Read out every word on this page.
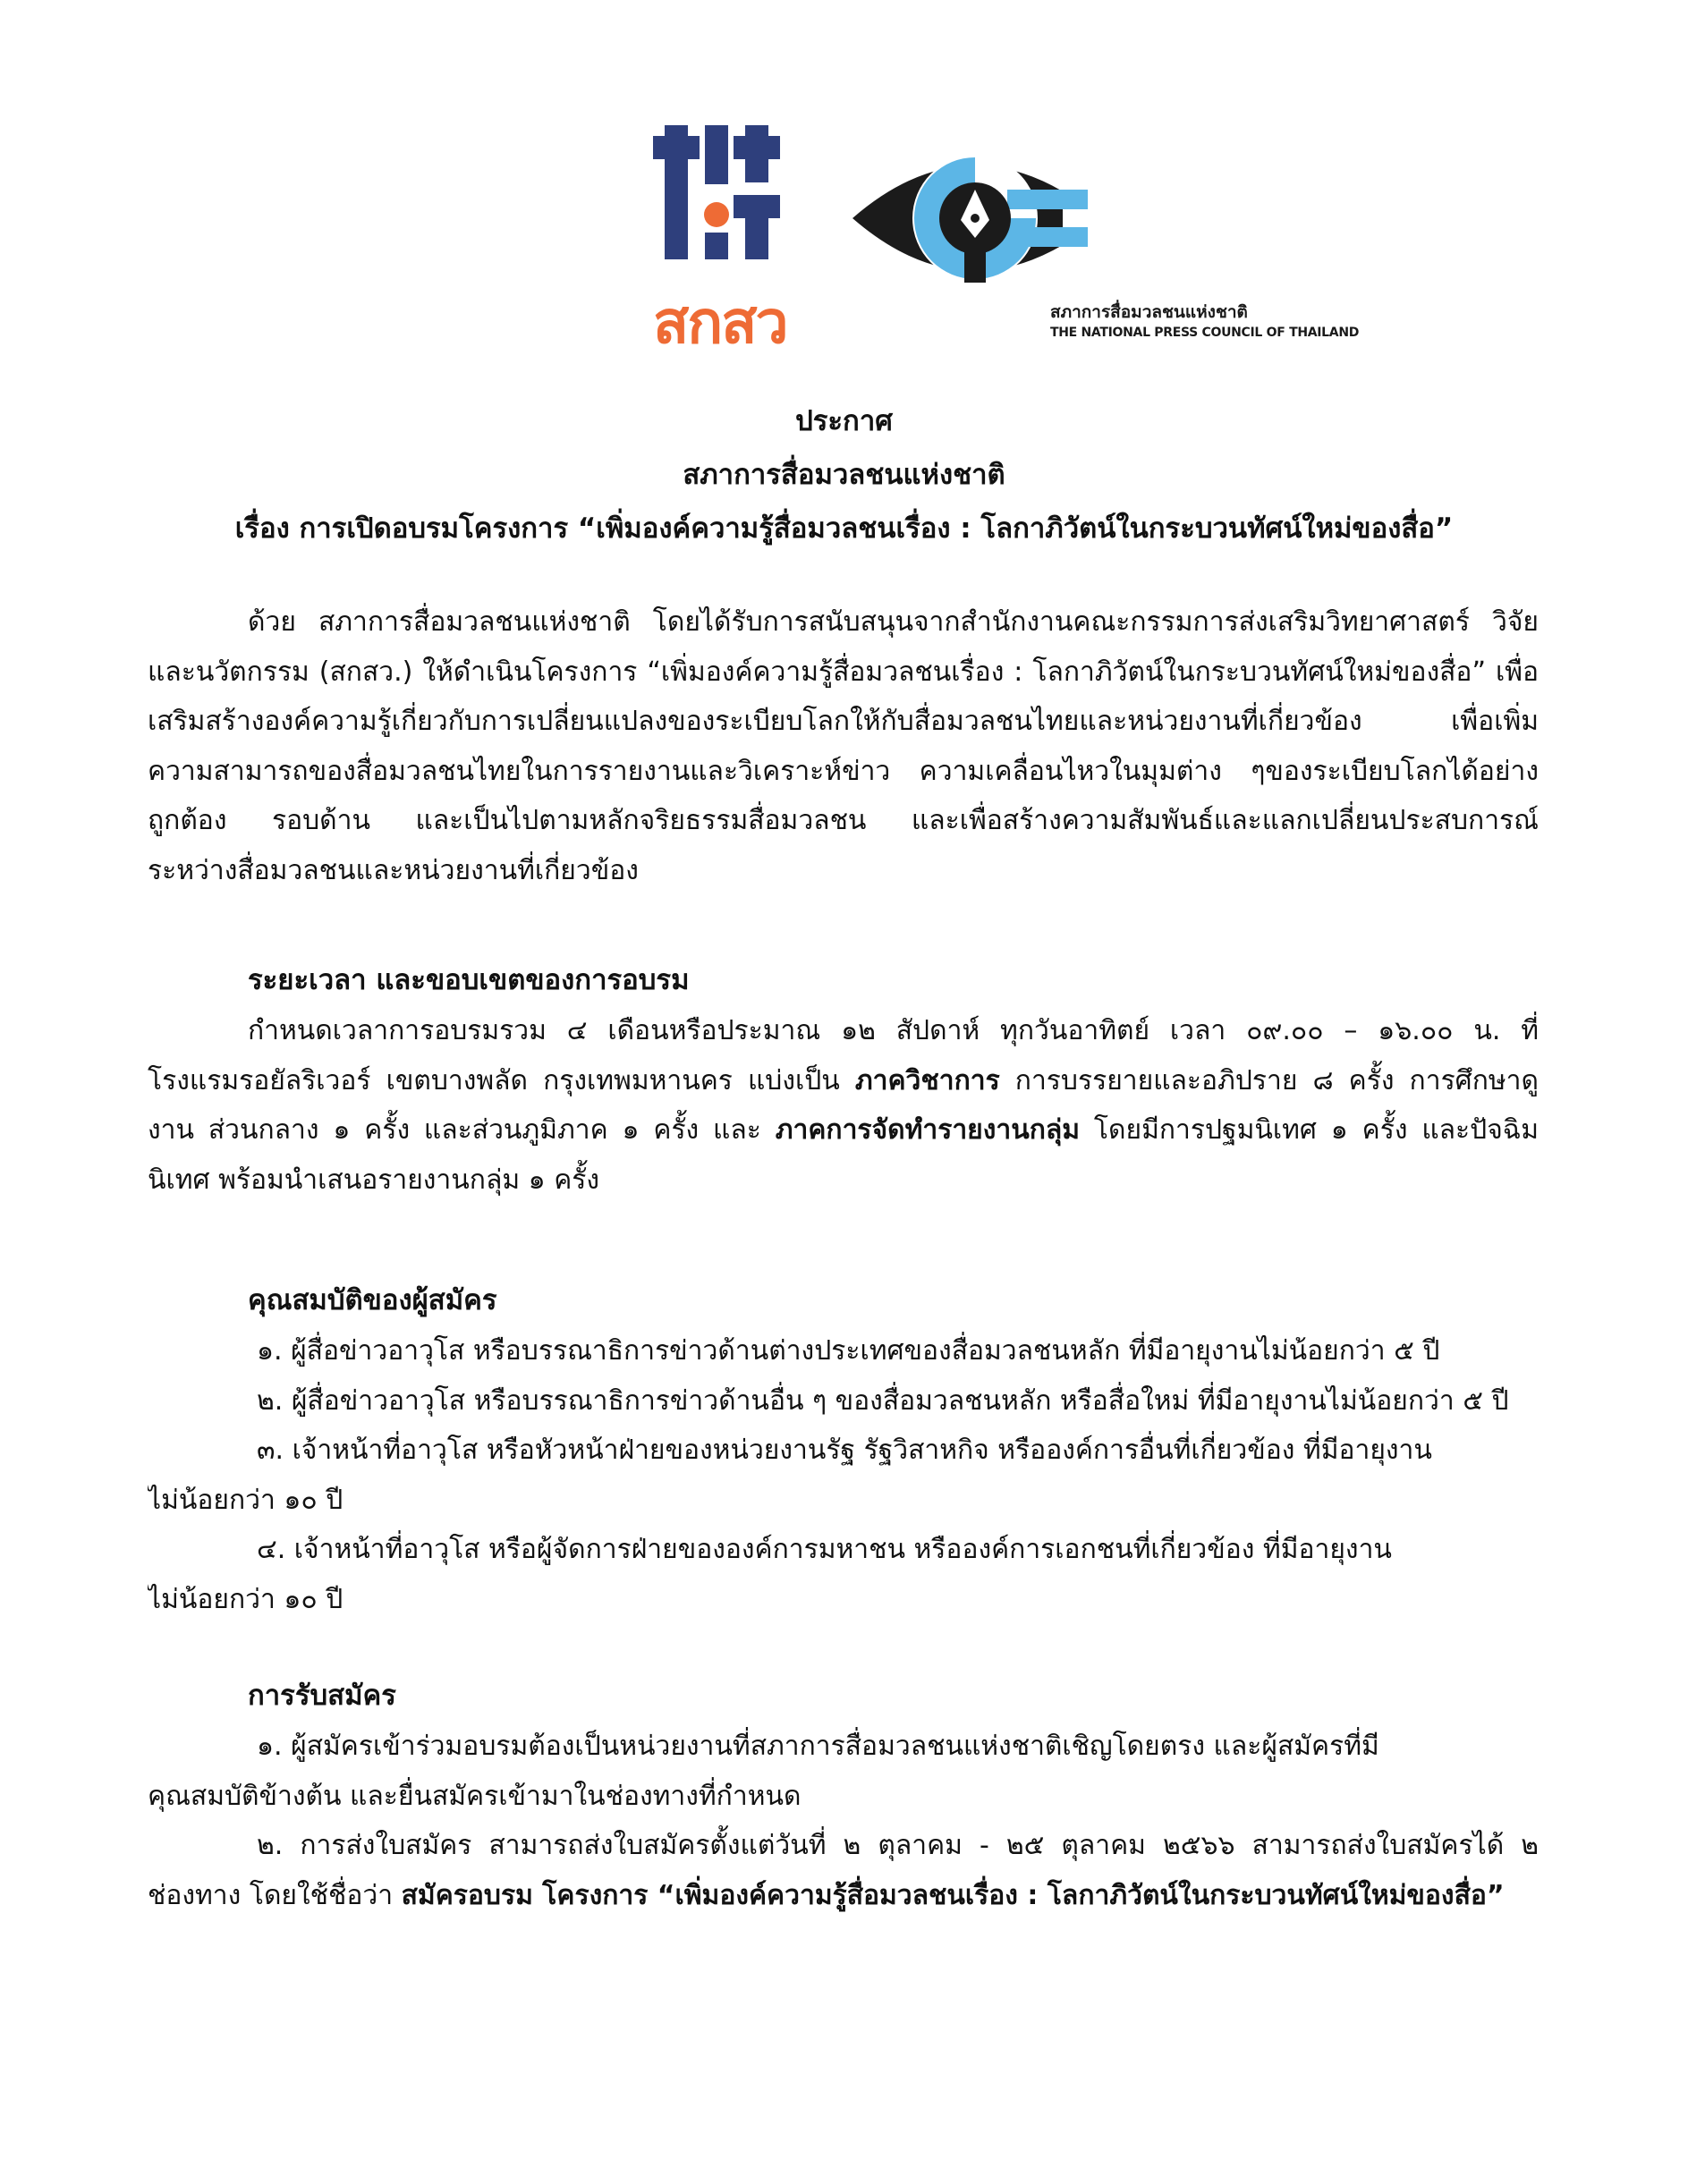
สกสว	สภาการสื่อมวลชนแห่งชาติ
THE NATIONAL PRESS COUNCIL OF THAILAND
ประกาศ
สภาการสื่อมวลชนแห่งชาติ
เรื่อง การเปิดอบรมโครงการ “เพิ่มองค์ความรู้สื่อมวลชนเรื่อง : โลกาภิวัตน์ในกระบวนทัศน์ใหม่ของสื่อ”
ด้วย สภาการสื่อมวลชนแห่งชาติ โดยได้รับการสนับสนุนจากสำนักงานคณะกรรมการส่งเสริมวิทยาศาสตร์ วิจัย
และนวัตกรรม (สกสว.) ให้ดำเนินโครงการ “เพิ่มองค์ความรู้สื่อมวลชนเรื่อง : โลกาภิวัตน์ในกระบวนทัศน์ใหม่ของสื่อ” เพื่อ
เสริมสร้างองค์ความรู้เกี่ยวกับการเปลี่ยนแปลงของระเบียบโลกให้กับสื่อมวลชนไทยและหน่วยงานที่เกี่ยวข้อง เพื่อเพิ่ม
ความสามารถของสื่อมวลชนไทยในการรายงานและวิเคราะห์ข่าว ความเคลื่อนไหวในมุมต่าง ๆของระเบียบโลกได้อย่าง
ถูกต้อง รอบด้าน และเป็นไปตามหลักจริยธรรมสื่อมวลชน และเพื่อสร้างความสัมพันธ์และแลกเปลี่ยนประสบการณ์
ระหว่างสื่อมวลชนและหน่วยงานที่เกี่ยวข้อง
ระยะเวลา และขอบเขตของการอบรม
กำหนดเวลาการอบรมรวม ๔ เดือนหรือประมาณ ๑๒ สัปดาห์ ทุกวันอาทิตย์ เวลา ๐๙.๐๐ – ๑๖.๐๐ น. ที่
โรงแรมรอยัลริเวอร์ เขตบางพลัด กรุงเทพมหานคร แบ่งเป็น ภาควิชาการ การบรรยายและอภิปราย ๘ ครั้ง การศึกษาดู
งาน ส่วนกลาง ๑ ครั้ง และส่วนภูมิภาค ๑ ครั้ง และ ภาคการจัดทำรายงานกลุ่ม โดยมีการปฐมนิเทศ ๑ ครั้ง และปัจฉิม
นิเทศ พร้อมนำเสนอรายงานกลุ่ม ๑ ครั้ง
คุณสมบัติของผู้สมัคร
๑. ผู้สื่อข่าวอาวุโส หรือบรรณาธิการข่าวด้านต่างประเทศของสื่อมวลชนหลัก ที่มีอายุงานไม่น้อยกว่า ๕ ปี
๒. ผู้สื่อข่าวอาวุโส หรือบรรณาธิการข่าวด้านอื่น ๆ ของสื่อมวลชนหลัก หรือสื่อใหม่ ที่มีอายุงานไม่น้อยกว่า ๕ ปี
๓. เจ้าหน้าที่อาวุโส หรือหัวหน้าฝ่ายของหน่วยงานรัฐ รัฐวิสาหกิจ หรือองค์การอื่นที่เกี่ยวข้อง ที่มีอายุงาน
ไม่น้อยกว่า ๑๐ ปี
๔. เจ้าหน้าที่อาวุโส หรือผู้จัดการฝ่ายขององค์การมหาชน หรือองค์การเอกชนที่เกี่ยวข้อง ที่มีอายุงาน
ไม่น้อยกว่า ๑๐ ปี
การรับสมัคร
๑. ผู้สมัครเข้าร่วมอบรมต้องเป็นหน่วยงานที่สภาการสื่อมวลชนแห่งชาติเชิญโดยตรง และผู้สมัครที่มี
คุณสมบัติข้างต้น และยื่นสมัครเข้ามาในช่องทางที่กำหนด
๒. การส่งใบสมัคร สามารถส่งใบสมัครตั้งแต่วันที่ ๒ ตุลาคม - ๒๕ ตุลาคม ๒๕๖๖ สามารถส่งใบสมัครได้ ๒
ช่องทาง โดยใช้ชื่อว่า สมัครอบรม โครงการ “เพิ่มองค์ความรู้สื่อมวลชนเรื่อง : โลกาภิวัตน์ในกระบวนทัศน์ใหม่ของสื่อ”
